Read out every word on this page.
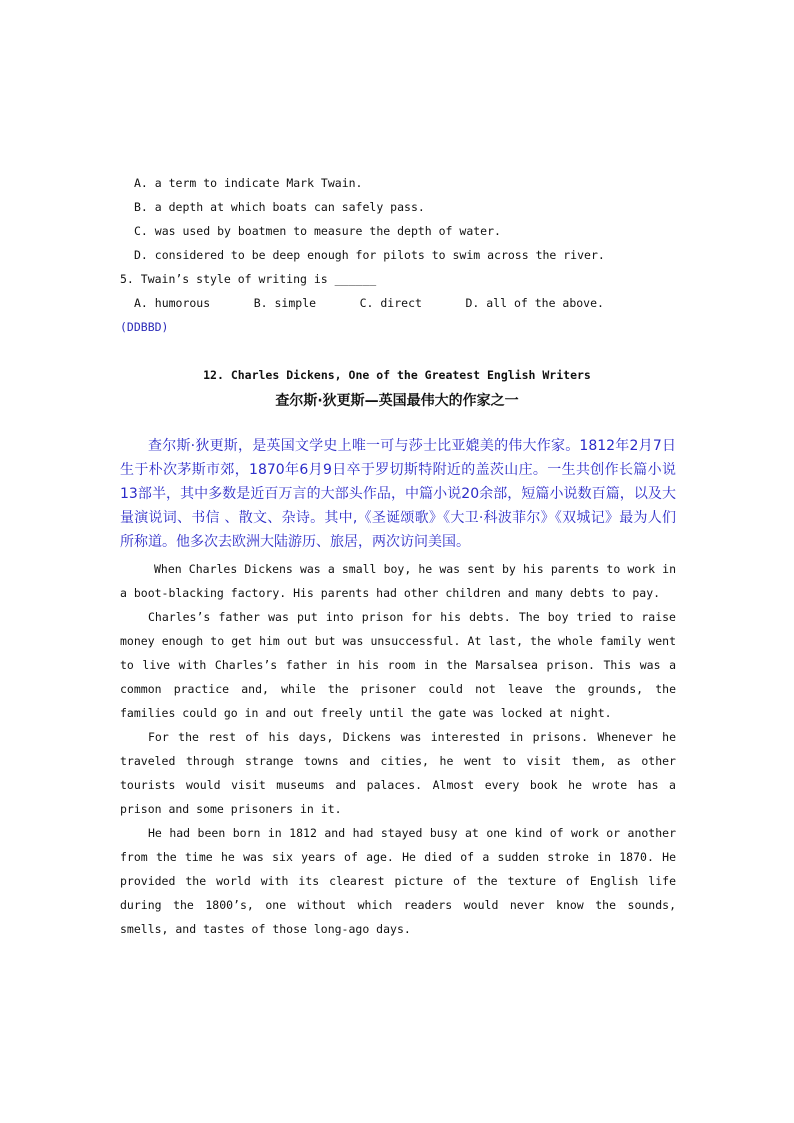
A. a term to indicate Mark Twain.
B. a depth at which boats can safely pass.
C. was used by boatmen to measure the depth of water.
D. considered to be deep enough for pilots to swim across the river.
5. Twain’s style of writing is ______
A. humorous	B. simple	C. direct	D. all of the above.
(DDBBD)
12. Charles Dickens, One of the Greatest English Writers
查尔斯·狄更斯—英国最伟大的作家之一

查尔斯·狄更斯，是英国文学史上唯一可与莎士比亚媲美的伟大作家。1812年2月7日生于朴次茅斯市郊，1870年6月9日卒于罗切斯特附近的盖茨山庄。一生共创作长篇小说13部半，其中多数是近百万言的大部头作品，中篇小说20余部，短篇小说数百篇，以及大量演说词、书信 、散文、杂诗。其中,《圣诞颂歌》《大卫·科波菲尔》《双城记》最为人们所称道。他多次去欧洲大陆游历、旅居，两次访问美国。

When Charles Dickens was a small boy, he was sent by his parents to work in a boot-blacking factory. His parents had other children and many debts to pay.

Charles’s father was put into prison for his debts. The boy tried to raise money enough to get him out but was unsuccessful. At last, the whole family went to live with Charles’s father in his room in the Marsalsea prison. This was a common practice and, while the prisoner could not leave the grounds, the families could go in and out freely until the gate was locked at night.

For the rest of his days, Dickens was interested in prisons. Whenever he traveled through strange towns and cities, he went to visit them, as other tourists would visit museums and palaces. Almost every book he wrote has a prison and some prisoners in it.

He had been born in 1812 and had stayed busy at one kind of work or another from the time he was six years of age. He died of a sudden stroke in 1870. He provided the world with its clearest picture of the texture of English life during the 1800’s, one without which readers would never know the sounds, smells, and tastes of those long-ago days.
